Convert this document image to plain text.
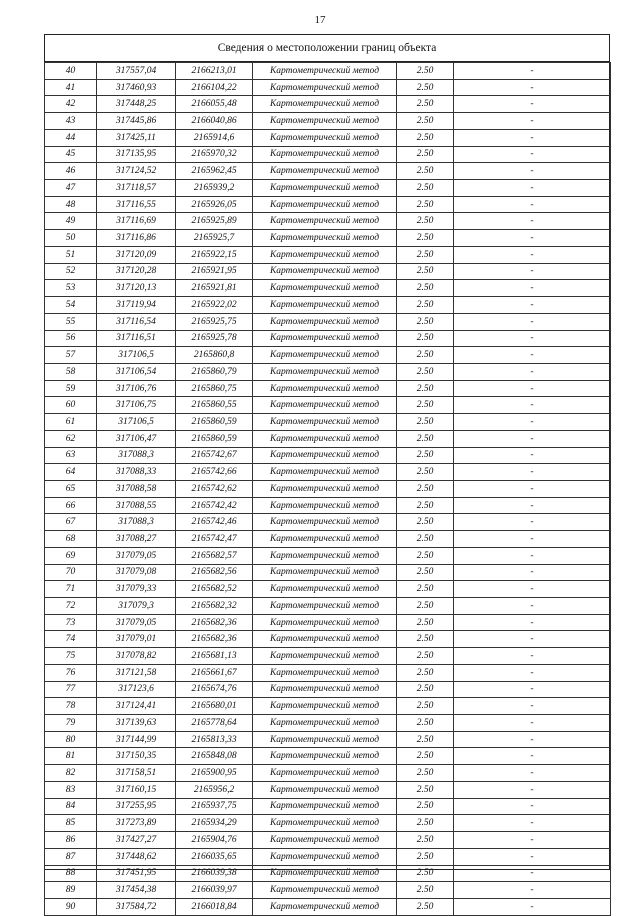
17
Сведения о местоположении границ объекта
40	317557,04	2166213,01	Картометрический метод	2.50	-
41	317460,93	2166104,22	Картометрический метод	2.50	-
42	317448,25	2166055,48	Картометрический метод	2.50	-
43	317445,86	2166040,86	Картометрический метод	2.50	-
44	317425,11	2165914,6	Картометрический метод	2.50	-
45	317135,95	2165970,32	Картометрический метод	2.50	-
46	317124,52	2165962,45	Картометрический метод	2.50	-
47	317118,57	2165939,2	Картометрический метод	2.50	-
48	317116,55	2165926,05	Картометрический метод	2.50	-
49	317116,69	2165925,89	Картометрический метод	2.50	-
50	317116,86	2165925,7	Картометрический метод	2.50	-
51	317120,09	2165922,15	Картометрический метод	2.50	-
52	317120,28	2165921,95	Картометрический метод	2.50	-
53	317120,13	2165921,81	Картометрический метод	2.50	-
54	317119,94	2165922,02	Картометрический метод	2.50	-
55	317116,54	2165925,75	Картометрический метод	2.50	-
56	317116,51	2165925,78	Картометрический метод	2.50	-
57	317106,5	2165860,8	Картометрический метод	2.50	-
58	317106,54	2165860,79	Картометрический метод	2.50	-
59	317106,76	2165860,75	Картометрический метод	2.50	-
60	317106,75	2165860,55	Картометрический метод	2.50	-
61	317106,5	2165860,59	Картометрический метод	2.50	-
62	317106,47	2165860,59	Картометрический метод	2.50	-
63	317088,3	2165742,67	Картометрический метод	2.50	-
64	317088,33	2165742,66	Картометрический метод	2.50	-
65	317088,58	2165742,62	Картометрический метод	2.50	-
66	317088,55	2165742,42	Картометрический метод	2.50	-
67	317088,3	2165742,46	Картометрический метод	2.50	-
68	317088,27	2165742,47	Картометрический метод	2.50	-
69	317079,05	2165682,57	Картометрический метод	2.50	-
70	317079,08	2165682,56	Картометрический метод	2.50	-
71	317079,33	2165682,52	Картометрический метод	2.50	-
72	317079,3	2165682,32	Картометрический метод	2.50	-
73	317079,05	2165682,36	Картометрический метод	2.50	-
74	317079,01	2165682,36	Картометрический метод	2.50	-
75	317078,82	2165681,13	Картометрический метод	2.50	-
76	317121,58	2165661,67	Картометрический метод	2.50	-
77	317123,6	2165674,76	Картометрический метод	2.50	-
78	317124,41	2165680,01	Картометрический метод	2.50	-
79	317139,63	2165778,64	Картометрический метод	2.50	-
80	317144,99	2165813,33	Картометрический метод	2.50	-
81	317150,35	2165848,08	Картометрический метод	2.50	-
82	317158,51	2165900,95	Картометрический метод	2.50	-
83	317160,15	2165956,2	Картометрический метод	2.50	-
84	317255,95	2165937,75	Картометрический метод	2.50	-
85	317273,89	2165934,29	Картометрический метод	2.50	-
86	317427,27	2165904,76	Картометрический метод	2.50	-
87	317448,62	2166035,65	Картометрический метод	2.50	-
88	317451,95	2166039,38	Картометрический метод	2.50	-
89	317454,38	2166039,97	Картометрический метод	2.50	-
90	317584,72	2166018,84	Картометрический метод	2.50	-
